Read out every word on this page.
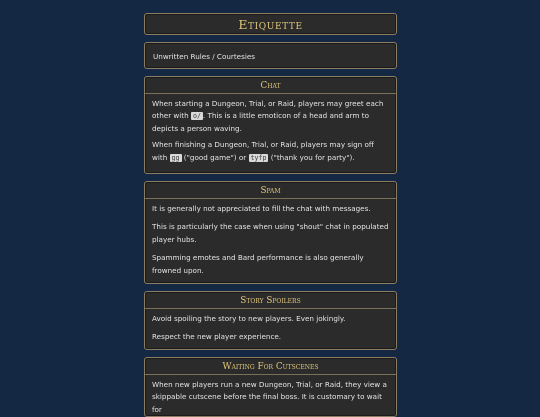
Etiquette
Unwritten Rules / Courtesies
Chat
When starting a Dungeon, Trial, or Raid, players may greet each other with o/ . This is a little emoticon of a head and arm to depicts a person waving.
When finishing a Dungeon, Trial, or Raid, players may sign off with gg ("good game") or tyfp ("thank you for party").
Spam
It is generally not appreciated to fill the chat with messages.
This is particularly the case when using "shout" chat in populated player hubs.
Spamming emotes and Bard performance is also generally frowned upon.
Story Spoilers
Avoid spoiling the story to new players. Even jokingly.
Respect the new player experience.
Waiting For Cutscenes
When new players run a new Dungeon, Trial, or Raid, they view a skippable cutscene before the final boss. It is customary to wait for
